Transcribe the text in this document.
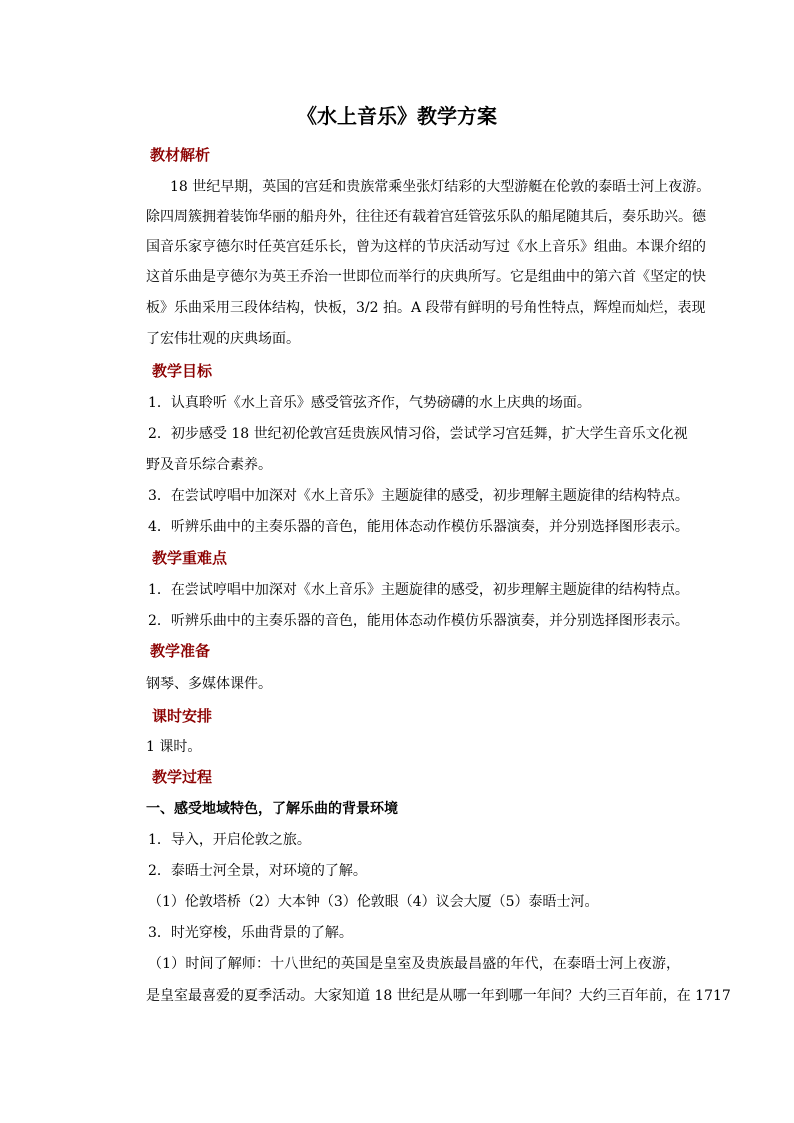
《水上音乐》教学方案
教材解析
18 世纪早期，英国的宫廷和贵族常乘坐张灯结彩的大型游艇在伦敦的泰晤士河上夜游。
除四周簇拥着装饰华丽的船舟外，往往还有载着宫廷管弦乐队的船尾随其后，奏乐助兴。德
国音乐家亨德尔时任英宫廷乐长，曾为这样的节庆活动写过《水上音乐》组曲。本课介绍的
这首乐曲是亨德尔为英王乔治一世即位而举行的庆典所写。它是组曲中的第六首《坚定的快
板》乐曲采用三段体结构，快板，3/2 拍。A 段带有鲜明的号角性特点，辉煌而灿烂，表现
了宏伟壮观的庆典场面。
教学目标
1．认真聆听《水上音乐》感受管弦齐作，气势磅礴的水上庆典的场面。
2．初步感受 18 世纪初伦敦宫廷贵族风情习俗，尝试学习宫廷舞，扩大学生音乐文化视
野及音乐综合素养。
3．在尝试哼唱中加深对《水上音乐》主题旋律的感受，初步理解主题旋律的结构特点。
4．听辨乐曲中的主奏乐器的音色，能用体态动作模仿乐器演奏，并分别选择图形表示。
教学重难点
1．在尝试哼唱中加深对《水上音乐》主题旋律的感受，初步理解主题旋律的结构特点。
2．听辨乐曲中的主奏乐器的音色，能用体态动作模仿乐器演奏，并分别选择图形表示。
教学准备
钢琴、多媒体课件。
课时安排
1 课时。
教学过程
一、感受地域特色，了解乐曲的背景环境
1．导入，开启伦敦之旅。
2．泰晤士河全景，对环境的了解。
（1）伦敦塔桥（2）大本钟（3）伦敦眼（4）议会大厦（5）泰晤士河。
3．时光穿梭，乐曲背景的了解。
（1）时间了解师：十八世纪的英国是皇室及贵族最昌盛的年代，在泰晤士河上夜游，
是皇室最喜爱的夏季活动。大家知道 18 世纪是从哪一年到哪一年间？大约三百年前，在 1717
